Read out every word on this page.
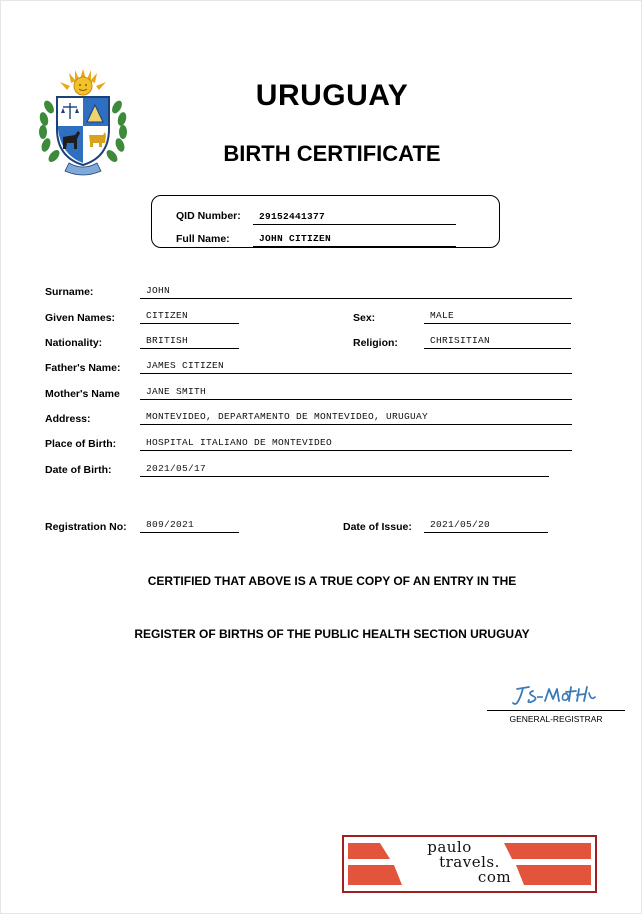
URUGUAY
BIRTH CERTIFICATE
QID Number:	29152441377
Full Name:	JOHN CITIZEN
Surname:	JOHN
Given Names:	CITIZEN	Sex:	MALE
Nationality:	BRITISH	Religion:	CHRISITIAN
Father's Name:	JAMES CITIZEN
Mother's Name	JANE SMITH
Address:	MONTEVIDEO, DEPARTAMENTO DE MONTEVIDEO, URUGUAY
Place of Birth:	HOSPITAL ITALIANO DE MONTEVIDEO
Date of Birth:	2021/05/17
Registration No:	809/2021	Date of Issue:	2021/05/20
CERTIFIED THAT ABOVE IS A TRUE COPY OF AN ENTRY IN THE
REGISTER OF BIRTHS OF THE PUBLIC HEALTH SECTION URUGUAY
GENERAL-REGISTRAR
paulo
travels.
com
